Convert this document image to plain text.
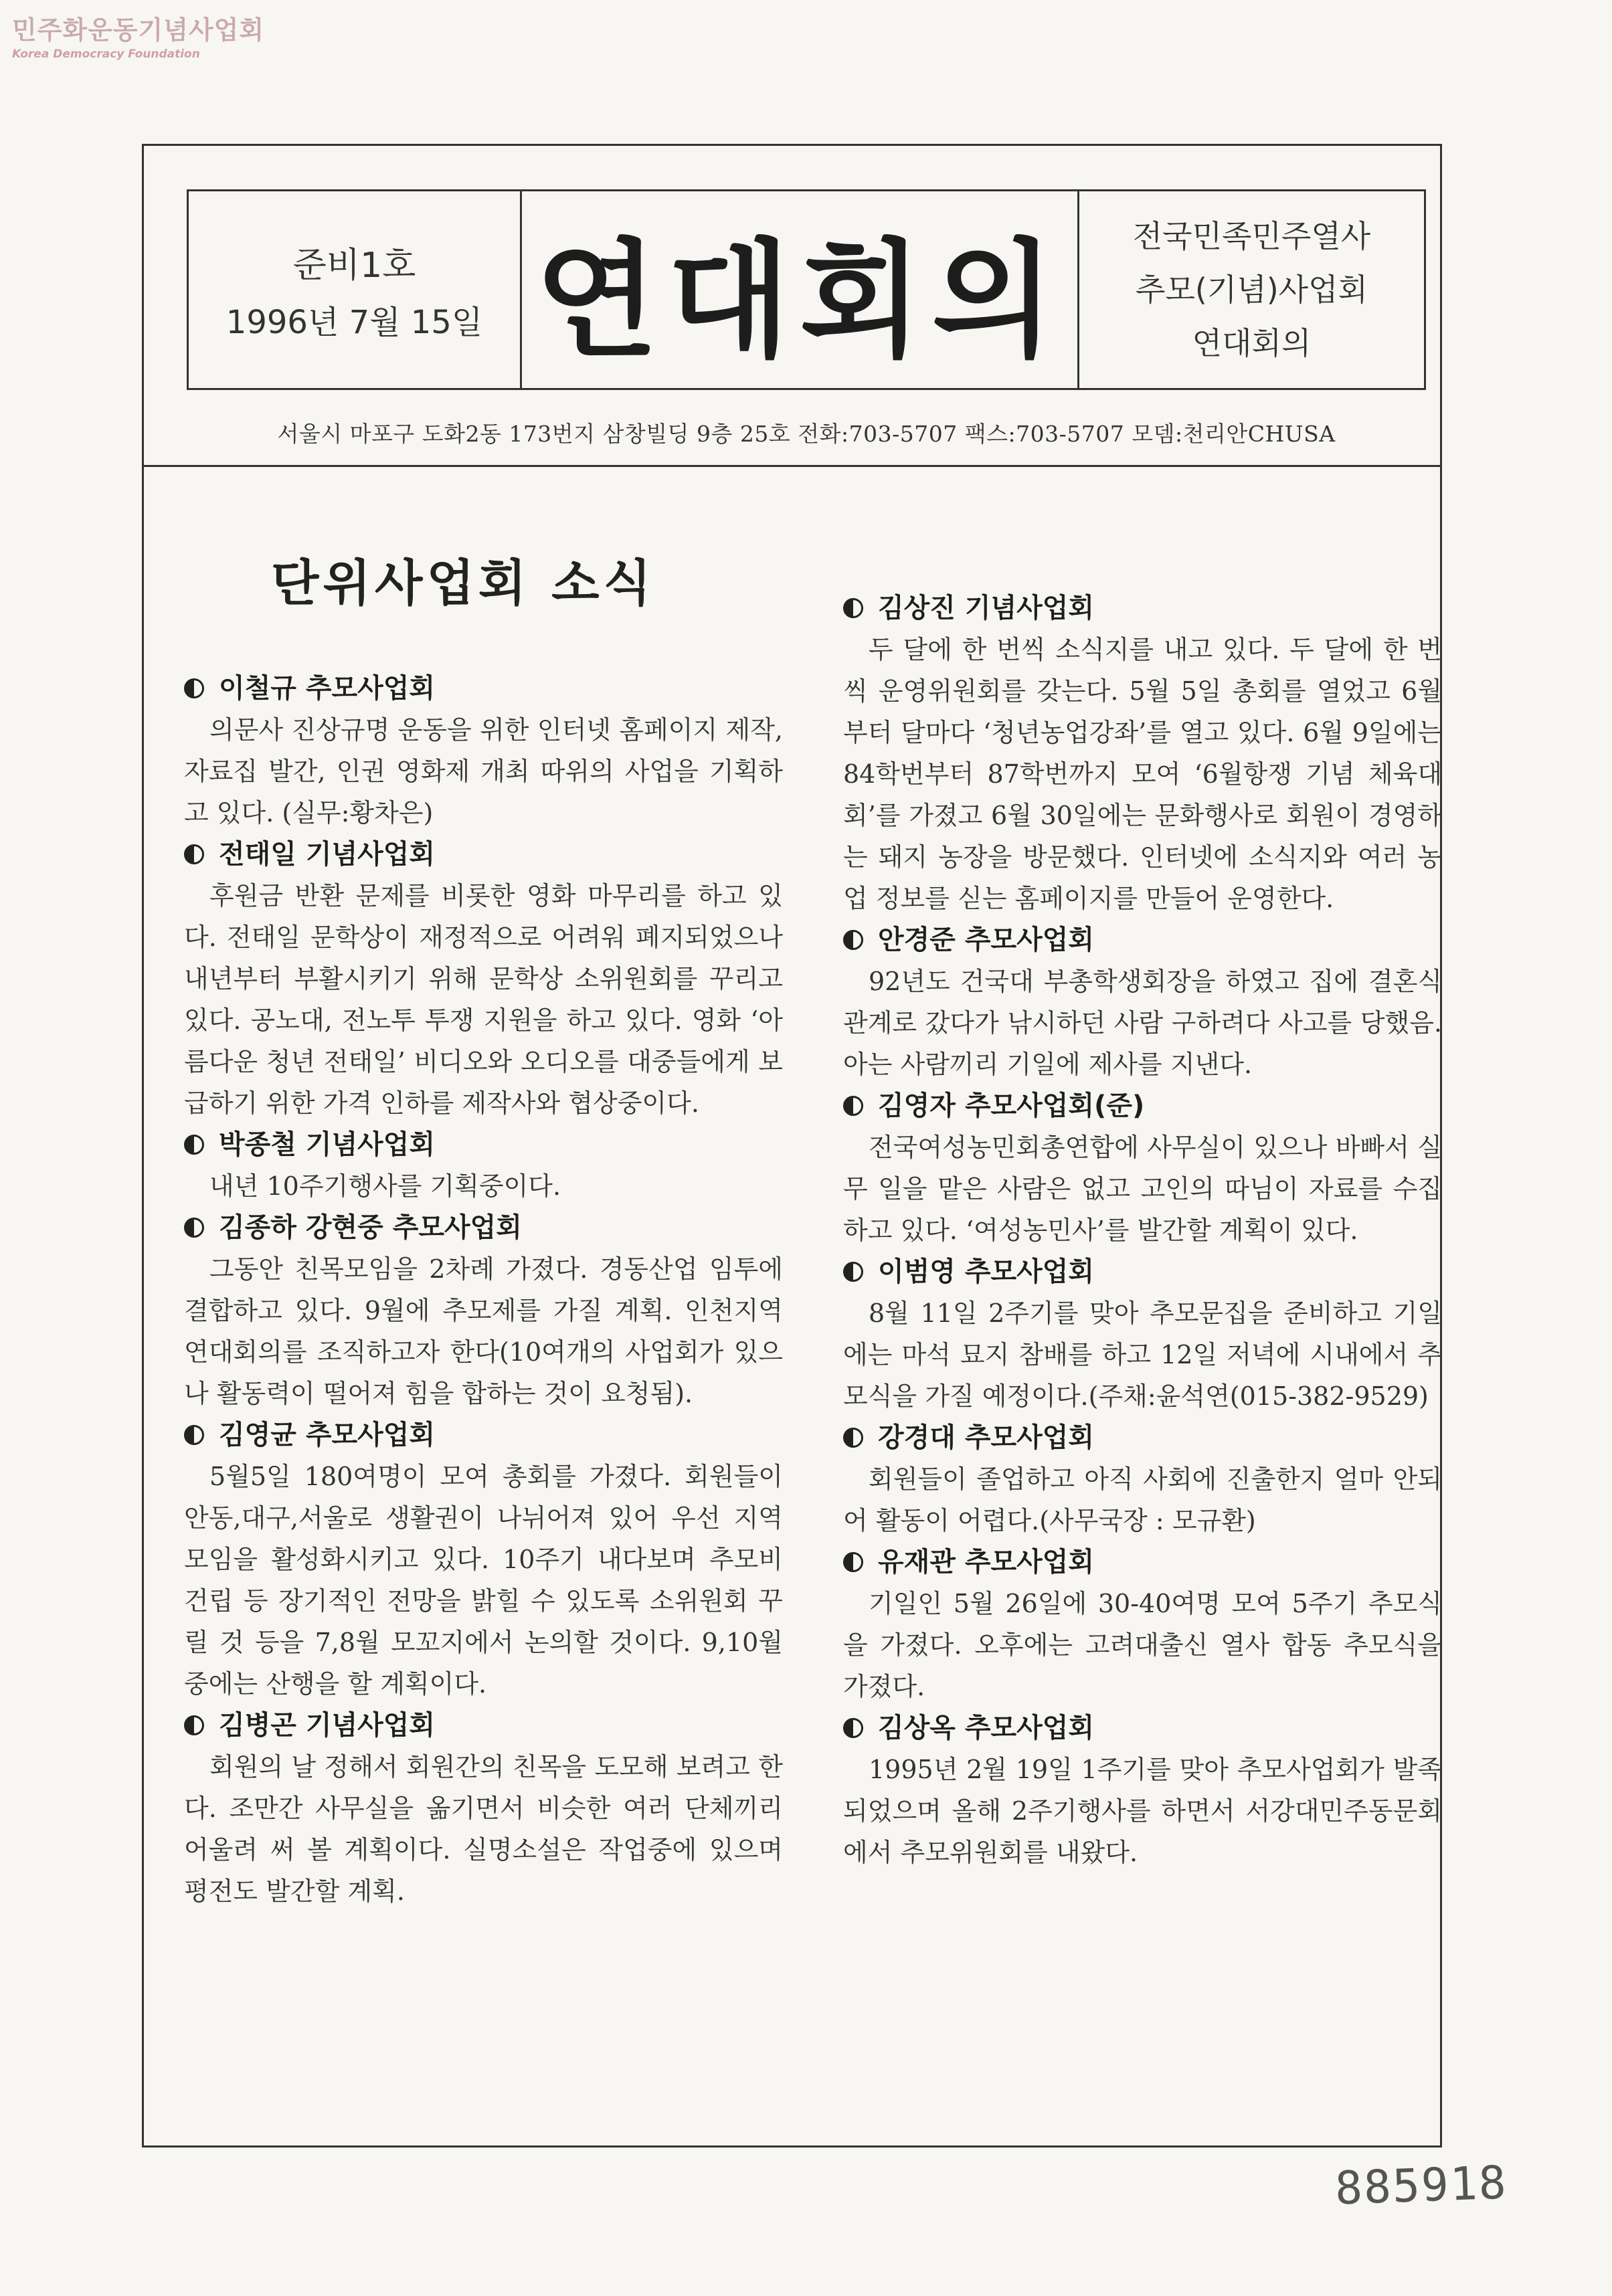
민주화운동기념사업회
Korea Democracy Foundation
준비1호
1996년 7월 15일 연대회의 전국민족민주열사
추모(기념)사업회
연대회의
서울시 마포구 도화2동 173번지 삼창빌딩 9층 25호 전화:703-5707 팩스:703-5707 모뎀:천리안CHUSA
단위사업회 소식
이철규 추모사업회

의문사 진상규명 운동을 위한 인터넷 홈페이지 제작, 자료집 발간, 인권 영화제 개최 따위의 사업을 기획하고 있다. (실무:황차은)

전태일 기념사업회

후원금 반환 문제를 비롯한 영화 마무리를 하고 있다. 전태일 문학상이 재정적으로 어려워 폐지되었으나 내년부터 부활시키기 위해 문학상 소위원회를 꾸리고 있다. 공노대, 전노투 투쟁 지원을 하고 있다. 영화 ‘아름다운 청년 전태일’ 비디오와 오디오를 대중들에게 보급하기 위한 가격 인하를 제작사와 협상중이다.

박종철 기념사업회

내년 10주기행사를 기획중이다.

김종하 강현중 추모사업회

그동안 친목모임을 2차례 가졌다. 경동산업 임투에 결합하고 있다. 9월에 추모제를 가질 계획. 인천지역 연대회의를 조직하고자 한다(10여개의 사업회가 있으나 활동력이 떨어져 힘을 합하는 것이 요청됨).

김영균 추모사업회

5월5일 180여명이 모여 총회를 가졌다. 회원들이 안동,대구,서울로 생활권이 나뉘어져 있어 우선 지역 모임을 활성화시키고 있다. 10주기 내다보며 추모비 건립 등 장기적인 전망을 밝힐 수 있도록 소위원회 꾸릴 것 등을 7,8월 모꼬지에서 논의할 것이다. 9,10월 중에는 산행을 할 계획이다.

김병곤 기념사업회

회원의 날 정해서 회원간의 친목을 도모해 보려고 한다. 조만간 사무실을 옮기면서 비슷한 여러 단체끼리 어울려 써 볼 계획이다. 실명소설은 작업중에 있으며 평전도 발간할 계획.

김상진 기념사업회

두 달에 한 번씩 소식지를 내고 있다. 두 달에 한 번씩 운영위원회를 갖는다. 5월 5일 총회를 열었고 6월부터 달마다 ‘청년농업강좌’를 열고 있다. 6월 9일에는 84학번부터 87학번까지 모여 ‘6월항쟁 기념 체육대회’를 가졌고 6월 30일에는 문화행사로 회원이 경영하는 돼지 농장을 방문했다. 인터넷에 소식지와 여러 농업 정보를 싣는 홈페이지를 만들어 운영한다.

안경준 추모사업회

92년도 건국대 부총학생회장을 하였고 집에 결혼식 관계로 갔다가 낚시하던 사람 구하려다 사고를 당했음. 아는 사람끼리 기일에 제사를 지낸다.

김영자 추모사업회(준)

전국여성농민회총연합에 사무실이 있으나 바빠서 실무 일을 맡은 사람은 없고 고인의 따님이 자료를 수집하고 있다. ‘여성농민사’를 발간할 계획이 있다.

이범영 추모사업회

8월 11일 2주기를 맞아 추모문집을 준비하고 기일에는 마석 묘지 참배를 하고 12일 저녁에 시내에서 추모식을 가질 예정이다.(주채:윤석연(015-382-9529)

강경대 추모사업회

회원들이 졸업하고 아직 사회에 진출한지 얼마 안되어 활동이 어렵다.(사무국장 : 모규환)

유재관 추모사업회

기일인 5월 26일에 30-40여명 모여 5주기 추모식을 가졌다. 오후에는 고려대출신 열사 합동 추모식을 가졌다.

김상옥 추모사업회

1995년 2월 19일 1주기를 맞아 추모사업회가 발족되었으며 올해 2주기행사를 하면서 서강대민주동문회에서 추모위원회를 내왔다.

885918
